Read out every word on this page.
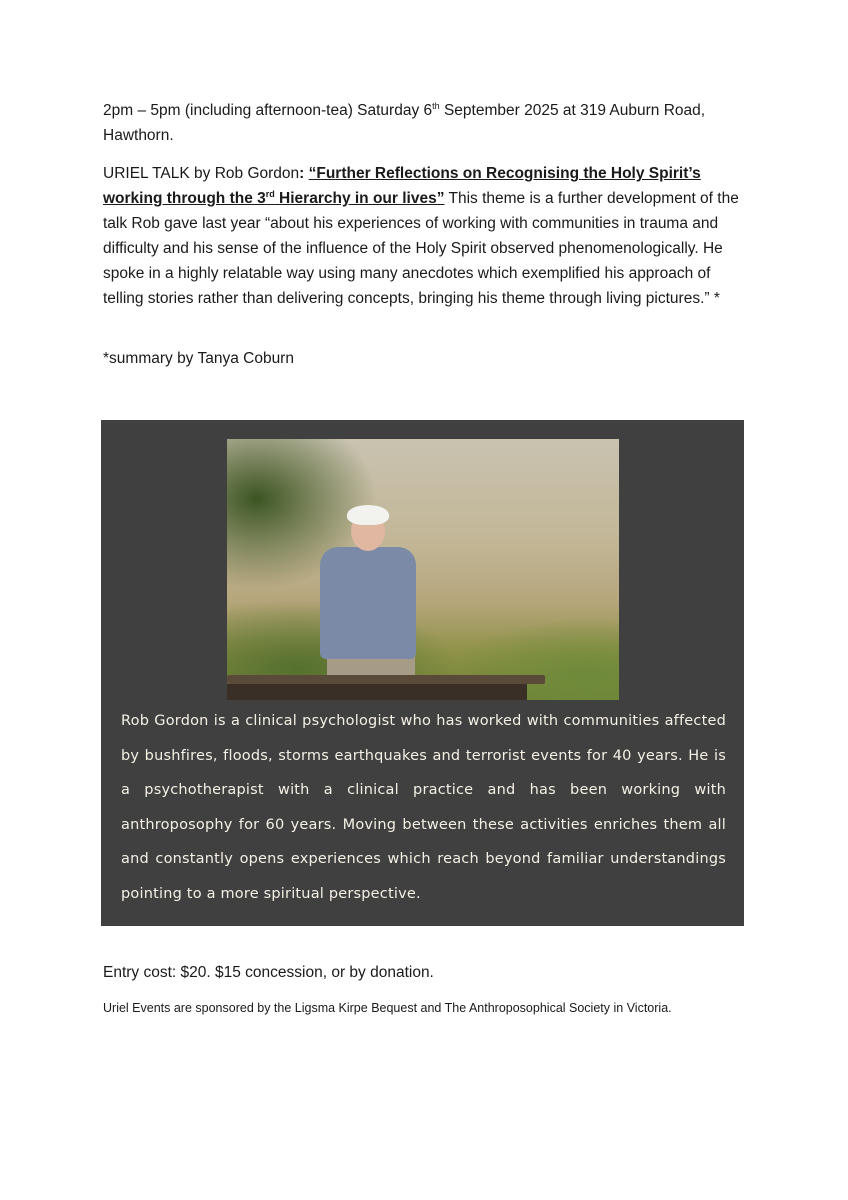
2pm – 5pm (including afternoon-tea) Saturday 6th September 2025 at 319 Auburn Road, Hawthorn.

URIEL TALK by Rob Gordon: “Further Reflections on Recognising the Holy Spirit’s working through the 3rd Hierarchy in our lives” This theme is a further development of the talk Rob gave last year “about his experiences of working with communities in trauma and difficulty and his sense of the influence of the Holy Spirit observed phenomenologically. He spoke in a highly relatable way using many anecdotes which exemplified his approach of telling stories rather than delivering concepts, bringing his theme through living pictures.” *

*summary by Tanya Coburn

Rob Gordon is a clinical psychologist who has worked with communities affected by bushfires, floods, storms earthquakes and terrorist events for 40 years. He is a psychotherapist with a clinical practice and has been working with anthroposophy for 60 years. Moving between these activities enriches them all and constantly opens experiences which reach beyond familiar understandings pointing to a more spiritual perspective.

Entry cost: $20. $15 concession, or by donation.

Uriel Events are sponsored by the Ligsma Kirpe Bequest and The Anthroposophical Society in Victoria.
